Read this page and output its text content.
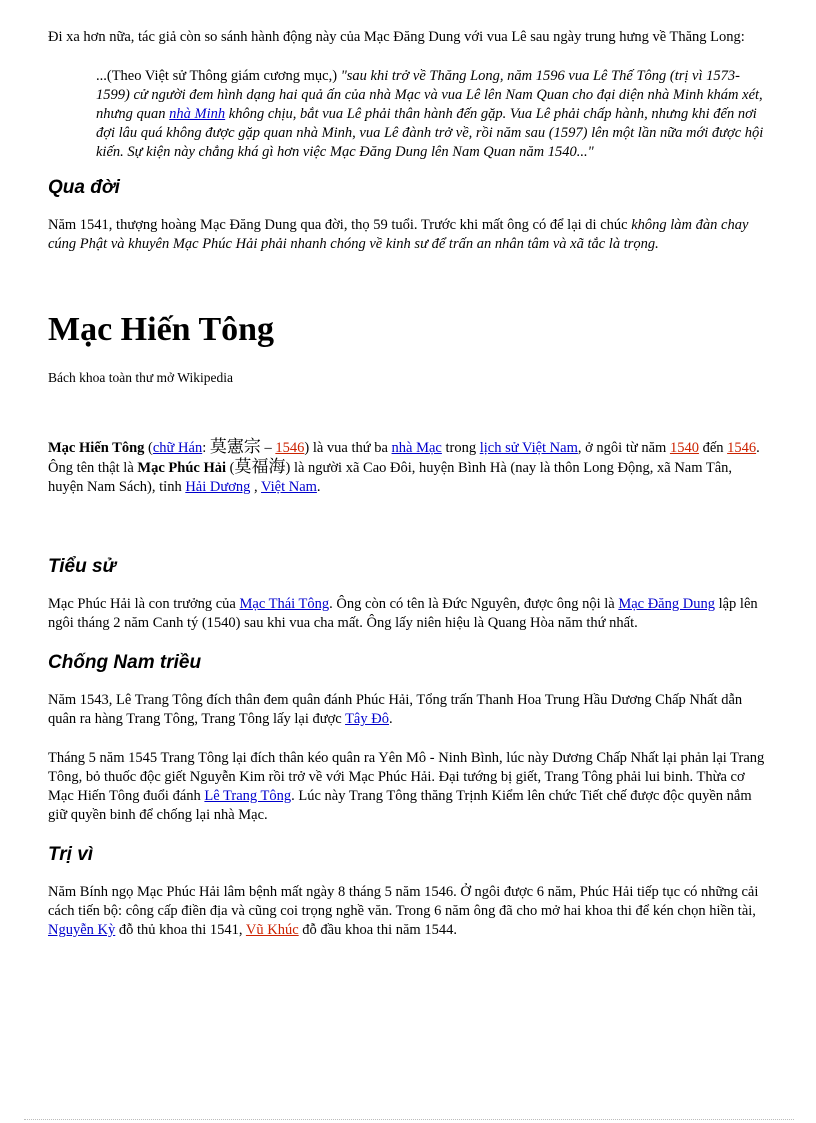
Đi xa hơn nữa, tác giả còn so sánh hành động này của Mạc Đăng Dung với vua Lê sau ngày trung hưng về Thăng Long:

...(Theo Việt sử Thông giám cương mục,) "sau khi trở về Thăng Long, năm 1596 vua Lê Thế Tông (trị vì 1573-1599) cử người đem hình dạng hai quả ấn của nhà Mạc và vua Lê lên Nam Quan cho đại diện nhà Minh khám xét, nhưng quan nhà Minh không chịu, bắt vua Lê phải thân hành đến gặp. Vua Lê phải chấp hành, nhưng khi đến nơi đợi lâu quá không được gặp quan nhà Minh, vua Lê đành trở về, rồi năm sau (1597) lên một lần nữa mới được hội kiến. Sự kiện này chẳng khá gì hơn việc Mạc Đăng Dung lên Nam Quan năm 1540..."

Qua đời

Năm 1541, thượng hoàng Mạc Đăng Dung qua đời, thọ 59 tuổi. Trước khi mất ông có để lại di chúc không làm đàn chay cúng Phật và khuyên Mạc Phúc Hải phải nhanh chóng về kinh sư để trấn an nhân tâm và xã tắc là trọng.

Mạc Hiến Tông

Bách khoa toàn thư mở Wikipedia

Mạc Hiến Tông (chữ Hán: 莫憲宗 – 1546) là vua thứ ba nhà Mạc trong lịch sử Việt Nam, ở ngôi từ năm 1540 đến 1546. Ông tên thật là Mạc Phúc Hải (莫福海) là người xã Cao Đôi, huyện Bình Hà (nay là thôn Long Động, xã Nam Tân, huyện Nam Sách), tỉnh Hải Dương , Việt Nam.

Tiểu sử

Mạc Phúc Hải là con trưởng của Mạc Thái Tông. Ông còn có tên là Đức Nguyên, được ông nội là Mạc Đăng Dung lập lên ngôi tháng 2 năm Canh tý (1540) sau khi vua cha mất. Ông lấy niên hiệu là Quang Hòa năm thứ nhất.

Chống Nam triều

Năm 1543, Lê Trang Tông đích thân đem quân đánh Phúc Hải, Tổng trấn Thanh Hoa Trung Hầu Dương Chấp Nhất dẫn quân ra hàng Trang Tông, Trang Tông lấy lại được Tây Đô.

Tháng 5 năm 1545 Trang Tông lại đích thân kéo quân ra Yên Mô - Ninh Bình, lúc này Dương Chấp Nhất lại phản lại Trang Tông, bỏ thuốc độc giết Nguyễn Kim rồi trở về với Mạc Phúc Hải. Đại tướng bị giết, Trang Tông phải lui binh. Thừa cơ Mạc Hiến Tông đuổi đánh Lê Trang Tông. Lúc này Trang Tông thăng Trịnh Kiểm lên chức Tiết chế được độc quyền nắm giữ quyền binh để chống lại nhà Mạc.

Trị vì

Năm Bính ngọ Mạc Phúc Hải lâm bệnh mất ngày 8 tháng 5 năm 1546. Ở ngôi được 6 năm, Phúc Hải tiếp tục có những cải cách tiến bộ: công cấp điền địa và cũng coi trọng nghề văn. Trong 6 năm ông đã cho mở hai khoa thi để kén chọn hiền tài, Nguyễn Kỳ đỗ thủ khoa thi 1541, Vũ Khúc đỗ đầu khoa thi năm 1544.
